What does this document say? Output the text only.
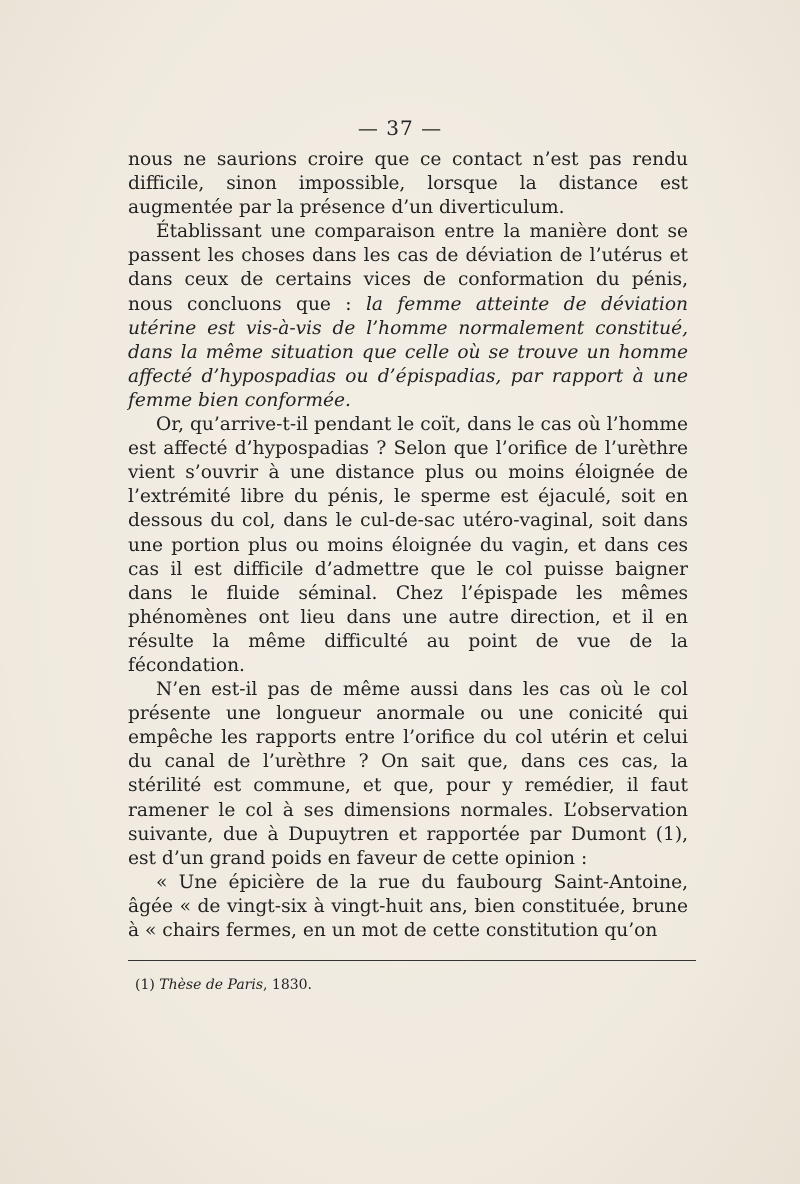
— 37 —

nous ne saurions croire que ce contact n’est pas rendu difficile, sinon impossible, lorsque la distance est augmentée par la présence d’un diverticulum.

Établissant une comparaison entre la manière dont se passent les choses dans les cas de déviation de l’utérus et dans ceux de certains vices de conformation du pénis, nous concluons que : la femme atteinte de déviation utérine est vis-à-vis de l’homme normalement constitué, dans la même situation que celle où se trouve un homme affecté d’hypospadias ou d’épispadias, par rapport à une femme bien conformée.

Or, qu’arrive-t-il pendant le coït, dans le cas où l’homme est affecté d’hypospadias ? Selon que l’orifice de l’urèthre vient s’ouvrir à une distance plus ou moins éloignée de l’extrémité libre du pénis, le sperme est éjaculé, soit en dessous du col, dans le cul-de-sac utéro-vaginal, soit dans une portion plus ou moins éloignée du vagin, et dans ces cas il est difficile d’admettre que le col puisse baigner dans le fluide séminal. Chez l’épispade les mêmes phénomènes ont lieu dans une autre direction, et il en résulte la même difficulté au point de vue de la fécondation.

N’en est-il pas de même aussi dans les cas où le col présente une longueur anormale ou une conicité qui empêche les rapports entre l’orifice du col utérin et celui du canal de l’urèthre ? On sait que, dans ces cas, la stérilité est commune, et que, pour y remédier, il faut ramener le col à ses dimensions normales. L’observation suivante, due à Dupuytren et rapportée par Dumont (1), est d’un grand poids en faveur de cette opinion :

« Une épicière de la rue du faubourg Saint-Antoine, âgée « de vingt-six à vingt-huit ans, bien constituée, brune à « chairs fermes, en un mot de cette constitution qu’on

(1) Thèse de Paris, 1830.
